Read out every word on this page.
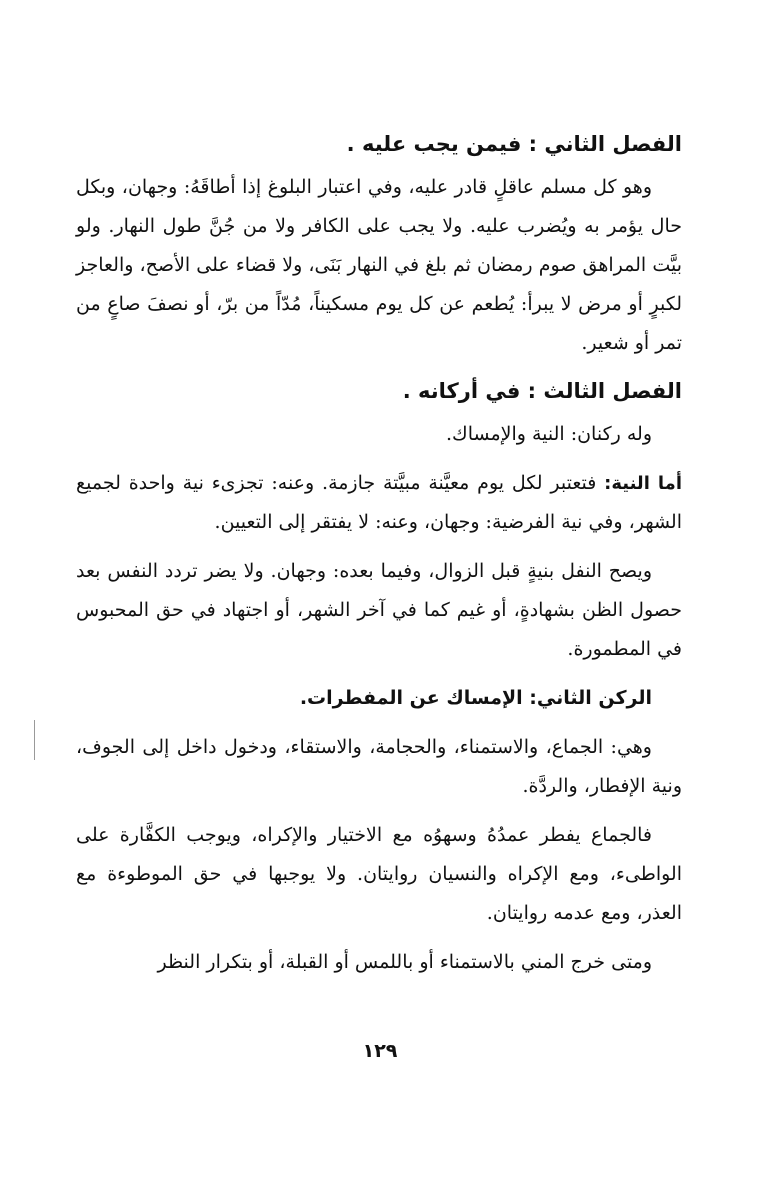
الفصل الثاني : فيمن يجب عليه .
وهو كل مسلم عاقلٍ قادر عليه، وفي اعتبار البلوغ إذا أطاقَهُ: وجهان، وبكل حال يؤمر به ويُضرب عليه. ولا يجب على الكافر ولا من جُنَّ طول النهار. ولو بيَّت المراهق صوم رمضان ثم بلغ في النهار بَنَى، ولا قضاء على الأصح، والعاجز لكبرٍ أو مرض لا يبرأ: يُطعم عن كل يوم مسكيناً، مُدّاً من برّ، أو نصفَ صاعٍ من تمر أو شعير.
الفصل الثالث : في أركانه .
وله ركنان: النية والإمساك.
أما النية: فتعتبر لكل يوم معيَّنة مبيَّتة جازمة. وعنه: تجزىء نية واحدة لجميع الشهر، وفي نية الفرضية: وجهان، وعنه: لا يفتقر إلى التعيين.
ويصح النفل بنيةٍ قبل الزوال، وفيما بعده: وجهان. ولا يضر تردد النفس بعد حصول الظن بشهادةٍ، أو غيم كما في آخر الشهر، أو اجتهاد في حق المحبوس في المطمورة.
الركن الثاني: الإمساك عن المفطرات.
وهي: الجماع، والاستمناء، والحجامة، والاستقاء، ودخول داخل إلى الجوف، ونية الإفطار، والردَّة.
فالجماع يفطر عمدُهُ وسهوُه مع الاختيار والإكراه، ويوجب الكفَّارة على الواطىء، ومع الإكراه والنسيان روايتان. ولا يوجبها في حق الموطوءة مع العذر، ومع عدمه روايتان.
ومتى خرج المني بالاستمناء أو باللمس أو القبلة، أو بتكرار النظر
١٢٩
